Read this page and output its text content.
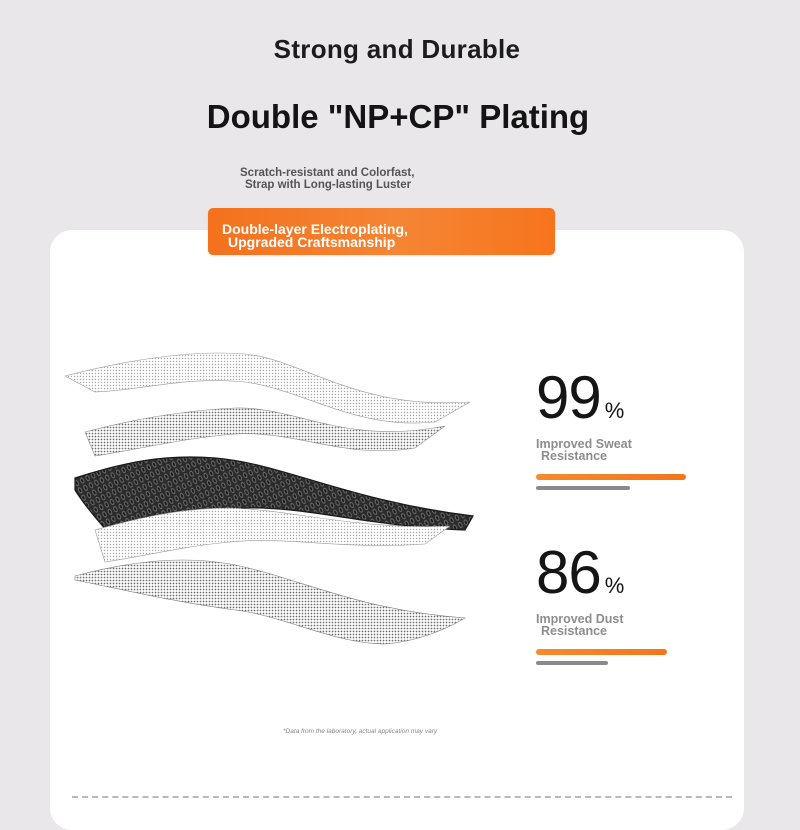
Strong and Durable
Double "NP+CP" Plating
Scratch-resistant and Colorfast,
Strap with Long-lasting Luster
Double-layer Electroplating,
Upgraded Craftsmanship
99 %
Improved Sweat
Resistance
86 %
Improved Dust
Resistance
*Data from the laboratory, actual application may vary
